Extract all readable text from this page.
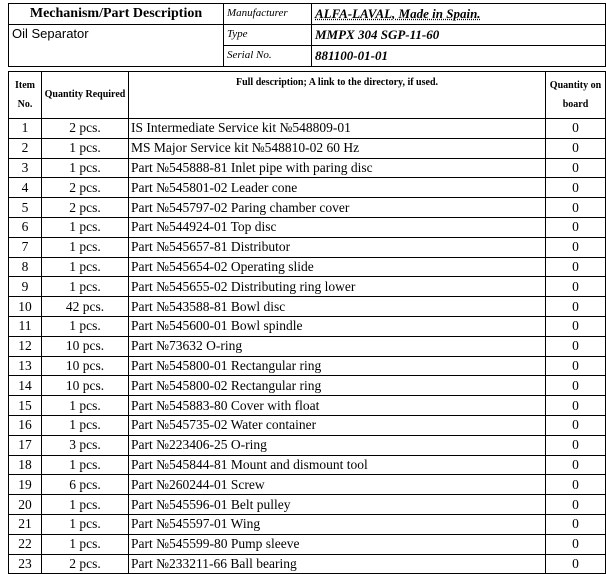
Mechanism/Part Description	Manufacturer	ALFA-LAVAL, Made in Spain.
Oil Separator	Type	MMPX 304 SGP-11-60
	Serial No.	881100-01-01
Item No.	Quantity Required	Full description; A link to the directory, if used.	Quantity on board
1	2 pcs.	IS Intermediate Service kit №548809-01	0
2	1 pcs.	MS Major Service kit №548810-02 60 Hz	0
3	1 pcs.	Part №545888-81 Inlet pipe with paring disc	0
4	2 pcs.	Part №545801-02 Leader cone	0
5	2 pcs.	Part №545797-02 Paring chamber cover	0
6	1 pcs.	Part №544924-01 Top disc	0
7	1 pcs.	Part №545657-81 Distributor	0
8	1 pcs.	Part №545654-02 Operating slide	0
9	1 pcs.	Part №545655-02 Distributing ring lower	0
10	42 pcs.	Part №543588-81 Bowl disc	0
11	1 pcs.	Part №545600-01 Bowl spindle	0
12	10 pcs.	Part №73632 O-ring	0
13	10 pcs.	Part №545800-01 Rectangular ring	0
14	10 pcs.	Part №545800-02 Rectangular ring	0
15	1 pcs.	Part №545883-80 Cover with float	0
16	1 pcs.	Part №545735-02 Water container	0
17	3 pcs.	Part №223406-25 O-ring	0
18	1 pcs.	Part №545844-81 Mount and dismount tool	0
19	6 pcs.	Part №260244-01 Screw	0
20	1 pcs.	Part №545596-01 Belt pulley	0
21	1 pcs.	Part №545597-01 Wing	0
22	1 pcs.	Part №545599-80 Pump sleeve	0
23	2 pcs.	Part №233211-66 Ball bearing	0
